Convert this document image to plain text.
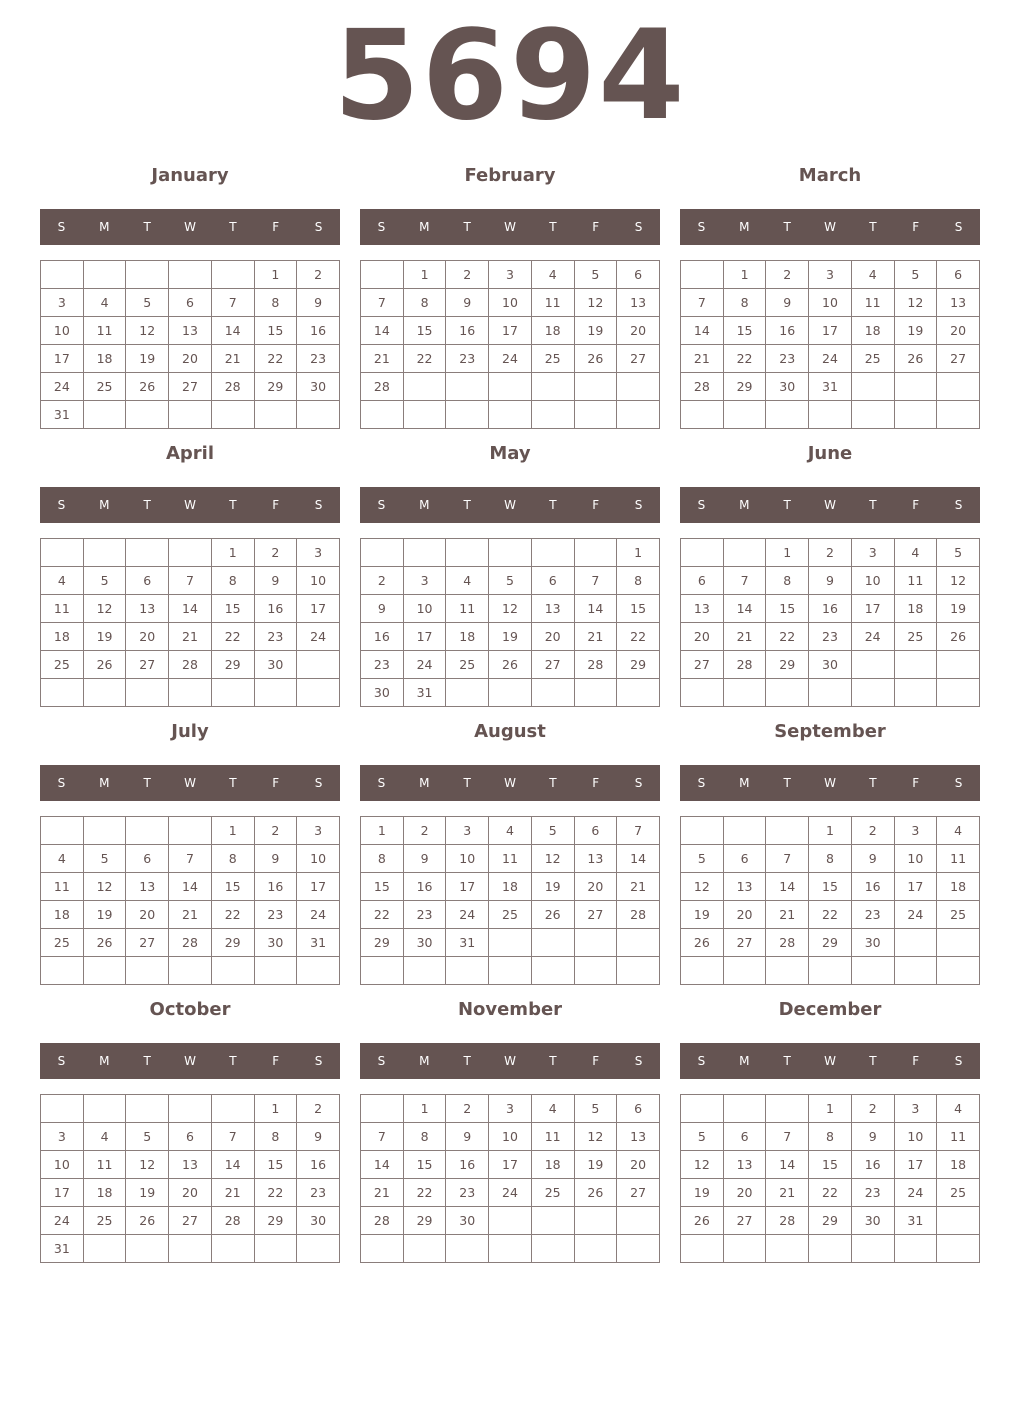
5694
January
S	M	T	W	T	F	S
					1	2
3	4	5	6	7	8	9
10	11	12	13	14	15	16
17	18	19	20	21	22	23
24	25	26	27	28	29	30
31						
February
S	M	T	W	T	F	S
	1	2	3	4	5	6
7	8	9	10	11	12	13
14	15	16	17	18	19	20
21	22	23	24	25	26	27
28						

March
S	M	T	W	T	F	S
	1	2	3	4	5	6
7	8	9	10	11	12	13
14	15	16	17	18	19	20
21	22	23	24	25	26	27
28	29	30	31			

April
S	M	T	W	T	F	S
				1	2	3
4	5	6	7	8	9	10
11	12	13	14	15	16	17
18	19	20	21	22	23	24
25	26	27	28	29	30	

May
S	M	T	W	T	F	S
						1
2	3	4	5	6	7	8
9	10	11	12	13	14	15
16	17	18	19	20	21	22
23	24	25	26	27	28	29
30	31					
June
S	M	T	W	T	F	S
		1	2	3	4	5
6	7	8	9	10	11	12
13	14	15	16	17	18	19
20	21	22	23	24	25	26
27	28	29	30			

July
S	M	T	W	T	F	S
				1	2	3
4	5	6	7	8	9	10
11	12	13	14	15	16	17
18	19	20	21	22	23	24
25	26	27	28	29	30	31

August
S	M	T	W	T	F	S
1	2	3	4	5	6	7
8	9	10	11	12	13	14
15	16	17	18	19	20	21
22	23	24	25	26	27	28
29	30	31				

September
S	M	T	W	T	F	S
			1	2	3	4
5	6	7	8	9	10	11
12	13	14	15	16	17	18
19	20	21	22	23	24	25
26	27	28	29	30		

October
S	M	T	W	T	F	S
					1	2
3	4	5	6	7	8	9
10	11	12	13	14	15	16
17	18	19	20	21	22	23
24	25	26	27	28	29	30
31						
November
S	M	T	W	T	F	S
	1	2	3	4	5	6
7	8	9	10	11	12	13
14	15	16	17	18	19	20
21	22	23	24	25	26	27
28	29	30				

December
S	M	T	W	T	F	S
			1	2	3	4
5	6	7	8	9	10	11
12	13	14	15	16	17	18
19	20	21	22	23	24	25
26	27	28	29	30	31	
